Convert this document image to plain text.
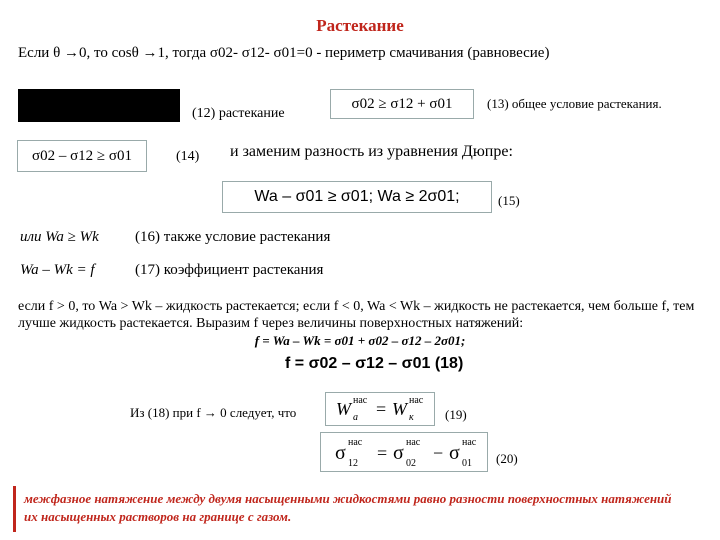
Растекание
Если θ →0, то cosθ →1, тогда σ02- σ12- σ01=0 - периметр смачивания (равновесие)
(12) растекание
σ02 ≥ σ12 + σ01	(13) общее условие растекания.
σ02 – σ12 ≥ σ01	(14) и заменим разность из уравнения Дюпре:
Wa – σ01 ≥ σ01; Wa ≥ 2σ01;	(15)
или Wa ≥ Wk (16) также условие растекания
Wa – Wk = f	(17) коэффициент растекания
если f > 0, то Wa > Wk – жидкость растекается; если f < 0, Wa < Wk – жидкость не растекается, чем больше f, тем лучше жидкость растекается. Выразим f через величины поверхностных натяжений:
f = Wa – Wk = σ01 + σ02 – σ12 – 2σ01;
f = σ02 – σ12 – σ01 (18)
Из (18) при f → 0 следует, что W a
нас = W к
нас
(19)
σ 12
нас
= σ 02
нас
− σ 01
нас
(20)
межфазное натяжение между двумя насыщенными жидкостями равно разности поверхностных натяжений их насыщенных растворов на границе с газом.
